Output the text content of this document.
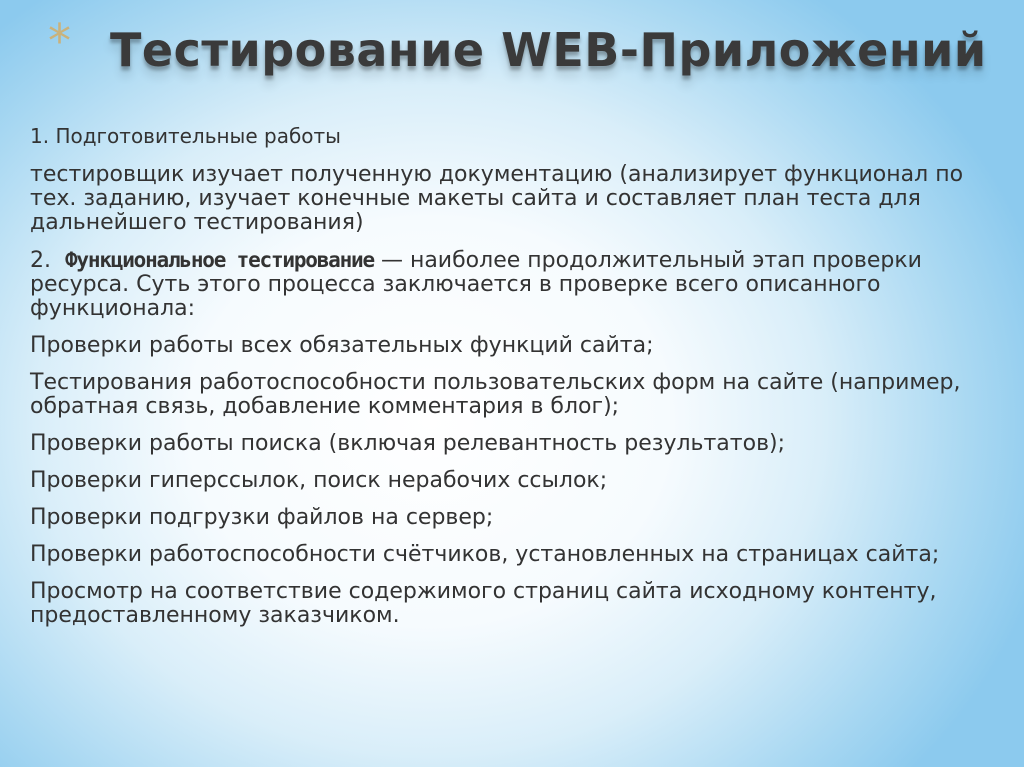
* Тестирование WEB-Приложений

1. Подготовительные работы

тестировщик изучает полученную документацию (анализирует функционал по тех. заданию, изучает конечные макеты сайта и составляет план теста для дальнейшего тестирования)

2.  Функциональное тестирование — наиболее продолжительный этап проверки ресурса. Суть этого процесса заключается в проверке всего описанного функционала:

Проверки работы всех обязательных функций сайта;

Тестирования работоспособности пользовательских форм на сайте (например, обратная связь, добавление комментария в блог);

Проверки работы поиска (включая релевантность результатов);

Проверки гиперссылок, поиск нерабочих ссылок;

Проверки подгрузки файлов на сервер;

Проверки работоспособности счётчиков, установленных на страницах сайта;

Просмотр на соответствие содержимого страниц сайта исходному контенту, предоставленному заказчиком.
